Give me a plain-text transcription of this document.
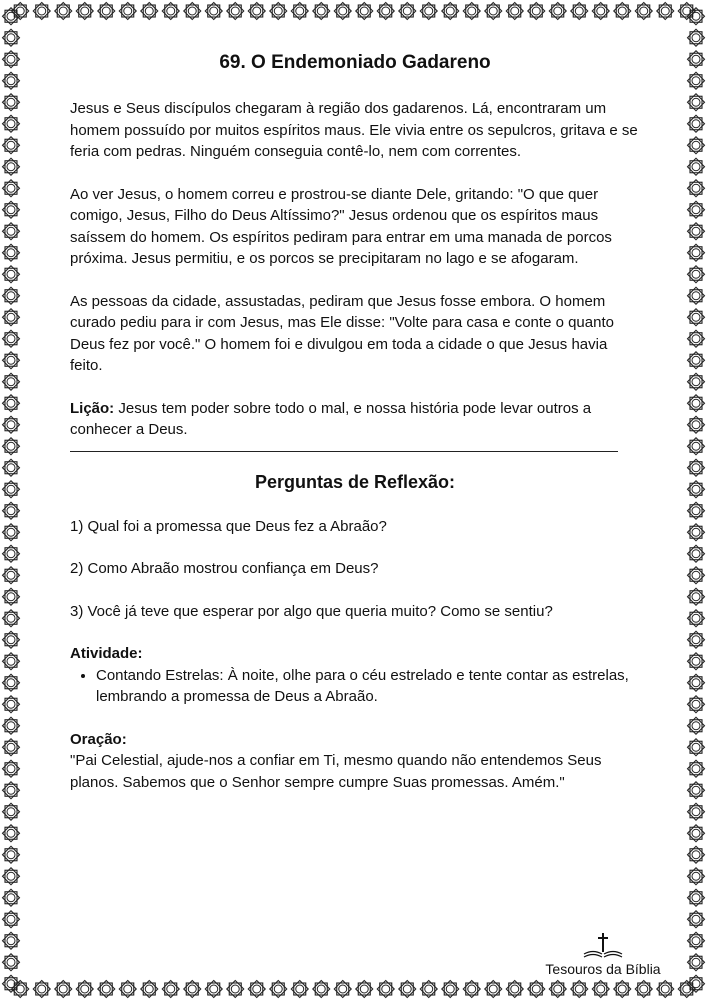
69. O Endemoniado Gadareno

Jesus e Seus discípulos chegaram à região dos gadarenos. Lá, encontraram um homem possuído por muitos espíritos maus. Ele vivia entre os sepulcros, gritava e se feria com pedras. Ninguém conseguia contê-lo, nem com correntes.

Ao ver Jesus, o homem correu e prostrou-se diante Dele, gritando: "O que quer comigo, Jesus, Filho do Deus Altíssimo?" Jesus ordenou que os espíritos maus saíssem do homem. Os espíritos pediram para entrar em uma manada de porcos próxima. Jesus permitiu, e os porcos se precipitaram no lago e se afogaram.

As pessoas da cidade, assustadas, pediram que Jesus fosse embora. O homem curado pediu para ir com Jesus, mas Ele disse: "Volte para casa e conte o quanto Deus fez por você." O homem foi e divulgou em toda a cidade o que Jesus havia feito.

Lição: Jesus tem poder sobre todo o mal, e nossa história pode levar outros a conhecer a Deus.

Perguntas de Reflexão:

1) Qual foi a promessa que Deus fez a Abraão?

2) Como Abraão mostrou confiança em Deus?

3) Você já teve que esperar por algo que queria muito? Como se sentiu?

Atividade:

• Contando Estrelas: À noite, olhe para o céu estrelado e tente contar as estrelas, lembrando a promessa de Deus a Abraão.

Oração:

"Pai Celestial, ajude-nos a confiar em Ti, mesmo quando não entendemos Seus planos. Sabemos que o Senhor sempre cumpre Suas promessas. Amém."

Tesouros da Bíblia
